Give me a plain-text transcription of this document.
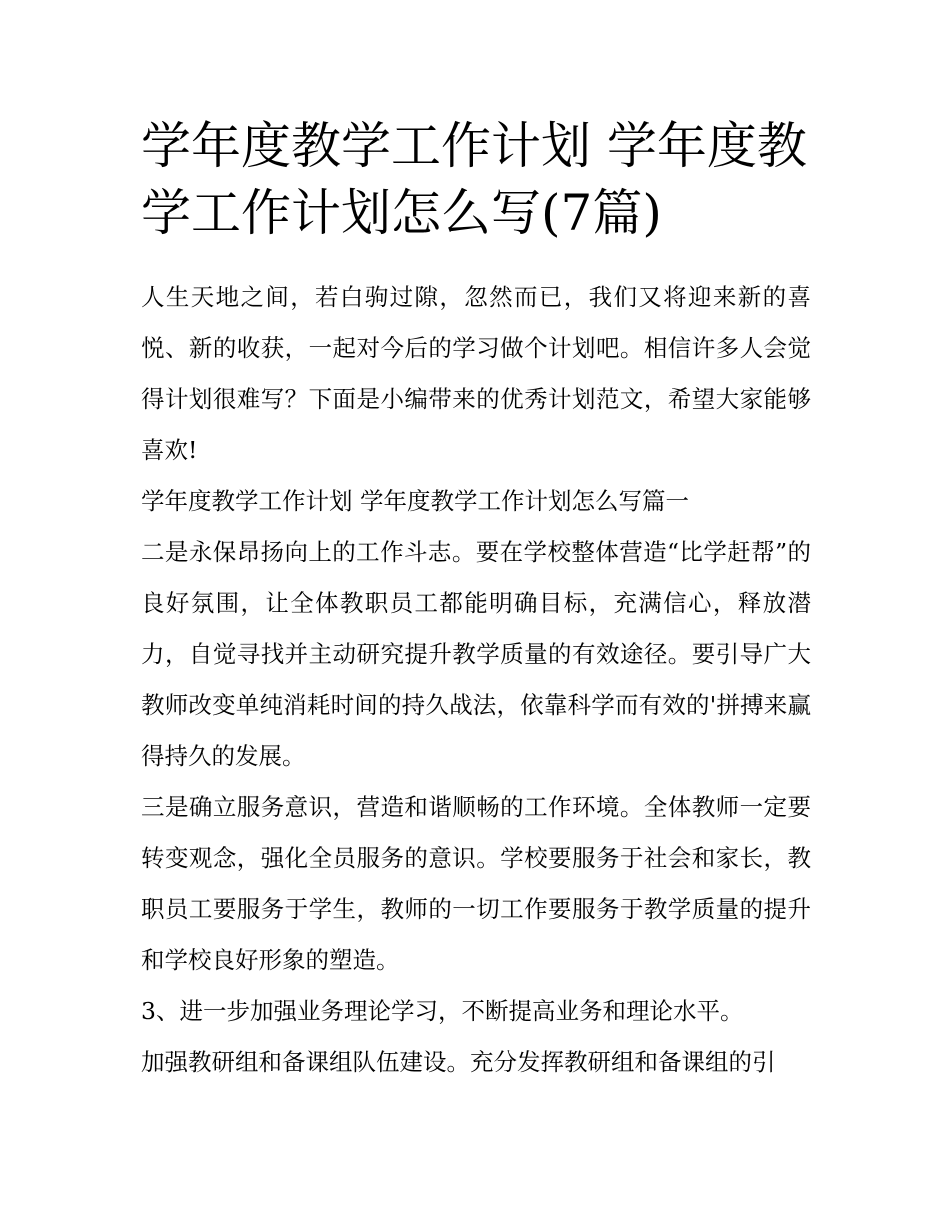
学年度教学工作计划 学年度教学工作计划怎么写(7篇)

人生天地之间，若白驹过隙，忽然而已，我们又将迎来新的喜悦、新的收获，一起对今后的学习做个计划吧。相信许多人会觉得计划很难写？下面是小编带来的优秀计划范文，希望大家能够喜欢!

学年度教学工作计划 学年度教学工作计划怎么写篇一

二是永保昂扬向上的工作斗志。要在学校整体营造“比学赶帮”的良好氛围，让全体教职员工都能明确目标，充满信心，释放潜力，自觉寻找并主动研究提升教学质量的有效途径。要引导广大教师改变单纯消耗时间的持久战法，依靠科学而有效的'拼搏来赢得持久的发展。

三是确立服务意识，营造和谐顺畅的工作环境。全体教师一定要转变观念，强化全员服务的意识。学校要服务于社会和家长，教职员工要服务于学生，教师的一切工作要服务于教学质量的提升和学校良好形象的塑造。

3、进一步加强业务理论学习，不断提高业务和理论水平。

加强教研组和备课组队伍建设。充分发挥教研组和备课组的引
